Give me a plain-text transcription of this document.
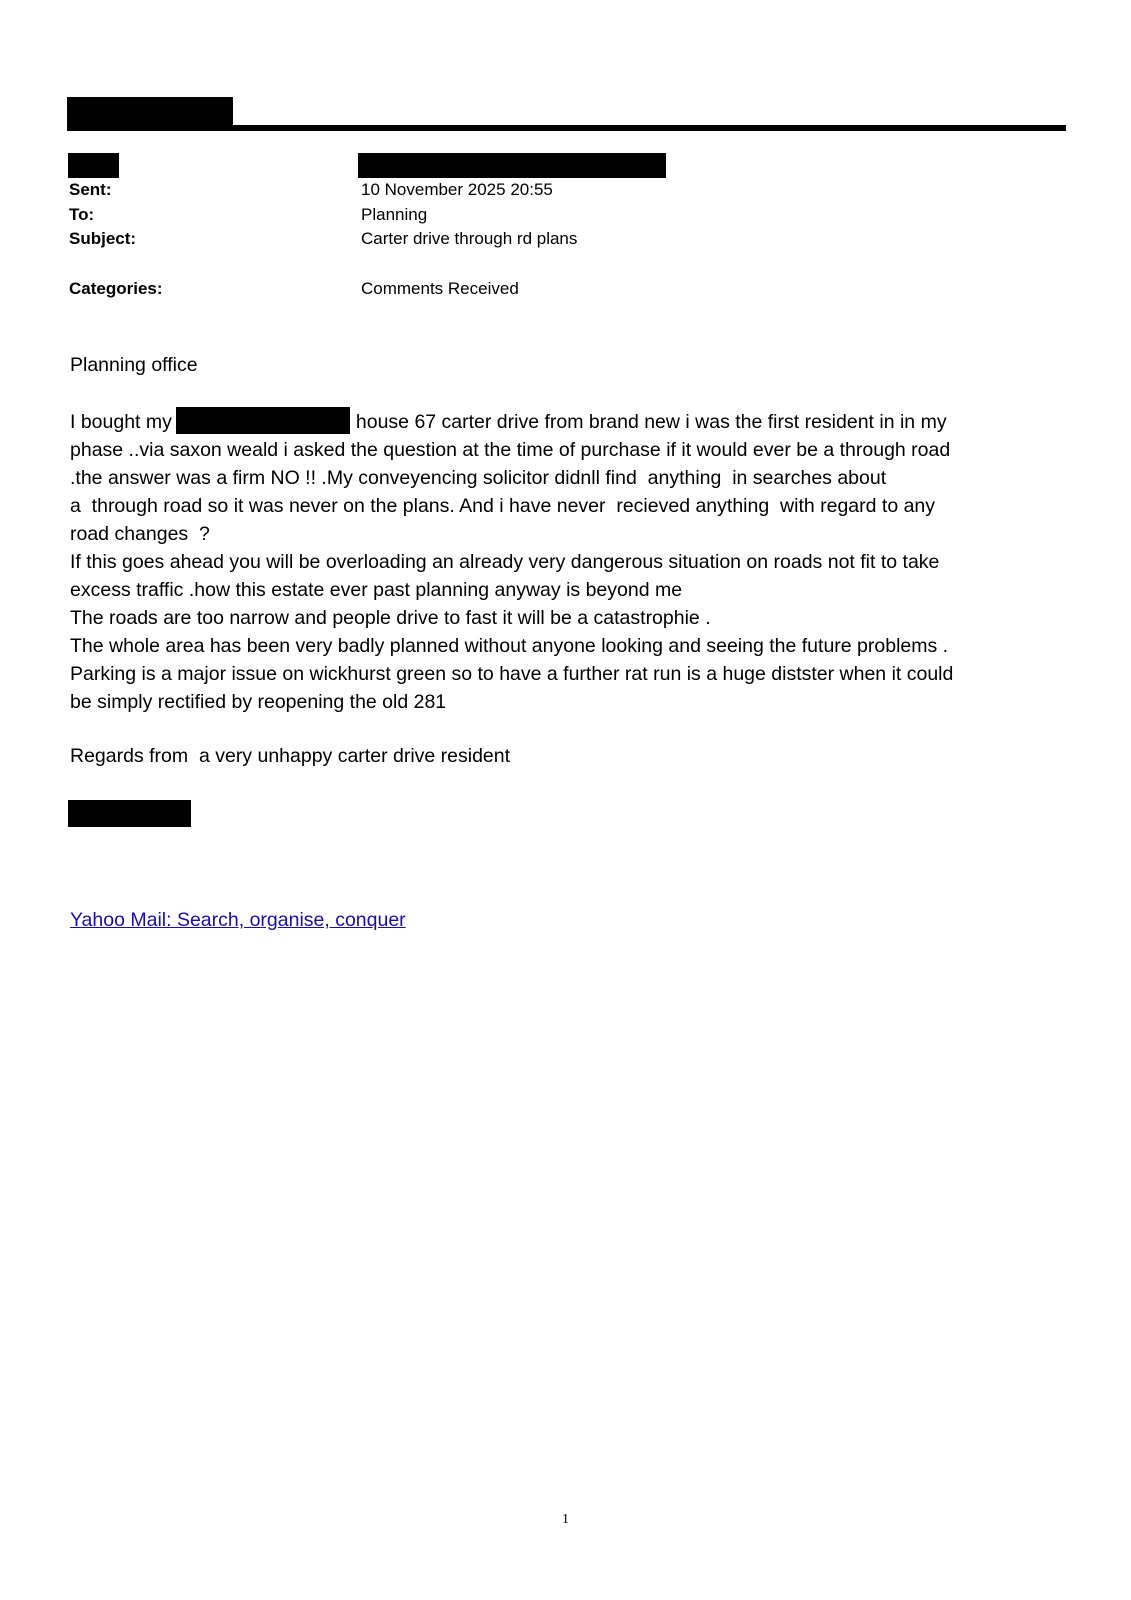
Sent:	10 November 2025 20:55
To:	Planning
Subject:	Carter drive through rd plans
Categories:	Comments Received
Planning office
I bought my	house 67 carter drive from brand new i was the first resident in in my
phase ..via saxon weald i asked the question at the time of purchase if it would ever be a through road
.the answer was a firm NO !! .My conveyencing solicitor didnll find  anything  in searches about
a  through road so it was never on the plans. And i have never  recieved anything  with regard to any
road changes  ?
If this goes ahead you will be overloading an already very dangerous situation on roads not fit to take
excess traffic .how this estate ever past planning anyway is beyond me
The roads are too narrow and people drive to fast it will be a catastrophie .
The whole area has been very badly planned without anyone looking and seeing the future problems .
Parking is a major issue on wickhurst green so to have a further rat run is a huge distster when it could
be simply rectified by reopening the old 281
Regards from  a very unhappy carter drive resident
Yahoo Mail: Search, organise, conquer
1
